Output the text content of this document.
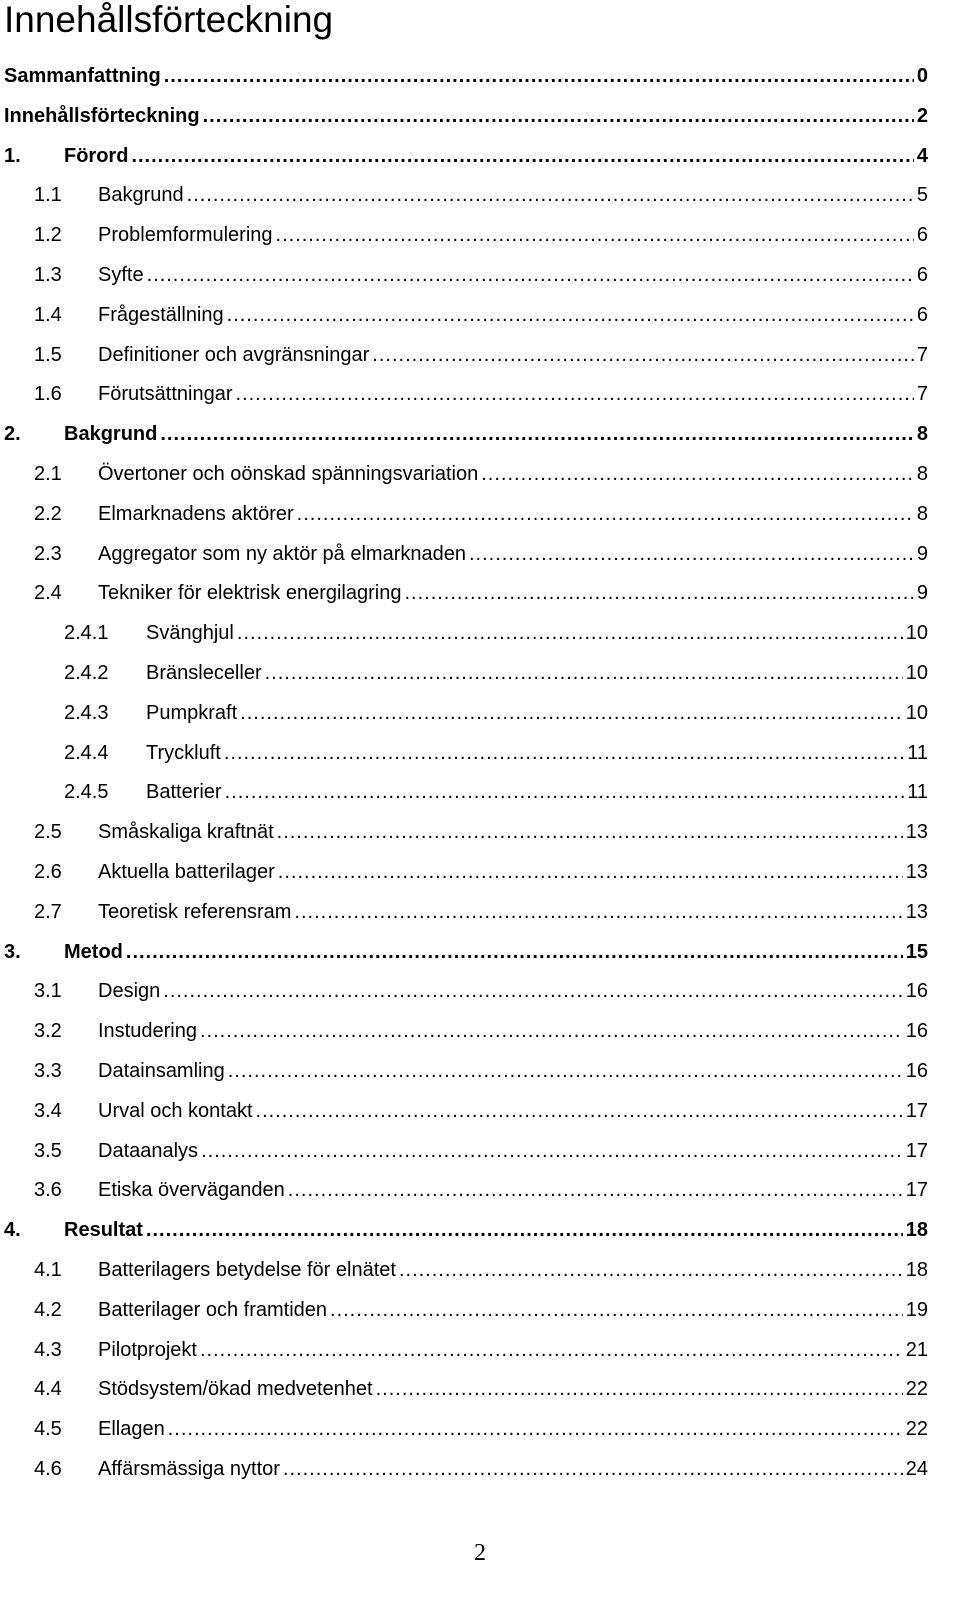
Innehållsförteckning
Sammanfattning .....	0
Innehållsförteckning .....	2
1. Förord .....	4
1.1 Bakgrund .....	5
1.2 Problemformulering .....	6
1.3 Syfte .....	6
1.4 Frågeställning .....	6
1.5 Definitioner och avgränsningar .....	7
1.6 Förutsättningar .....	7
2. Bakgrund .....	8
2.1 Övertoner och oönskad spänningsvariation .....	8
2.2 Elmarknadens aktörer .....	8
2.3 Aggregator som ny aktör på elmarknaden .....	9
2.4 Tekniker för elektrisk energilagring .....	9
2.4.1 Svänghjul .....	10
2.4.2 Bränsleceller .....	10
2.4.3 Pumpkraft .....	10
2.4.4 Tryckluft .....	11
2.4.5 Batterier .....	11
2.5 Småskaliga kraftnät .....	13
2.6 Aktuella batterilager .....	13
2.7 Teoretisk referensram .....	13
3. Metod .....	15
3.1 Design .....	16
3.2 Instudering .....	16
3.3 Datainsamling .....	16
3.4 Urval och kontakt .....	17
3.5 Dataanalys .....	17
3.6 Etiska överväganden .....	17
4. Resultat .....	18
4.1 Batterilagers betydelse för elnätet .....	18
4.2 Batterilager och framtiden .....	19
4.3 Pilotprojekt .....	21
4.4 Stödsystem/ökad medvetenhet .....	22
4.5 Ellagen .....	22
4.6 Affärsmässiga nyttor .....	24
2
